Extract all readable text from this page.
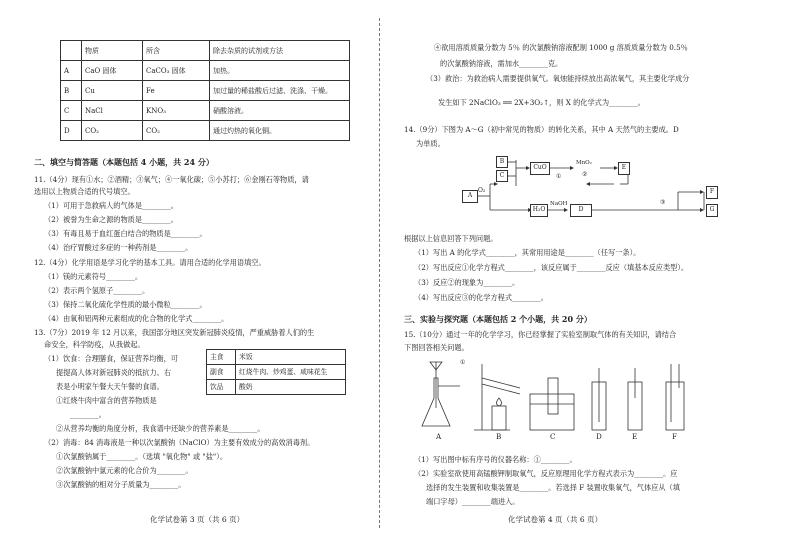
	物质	所含	除去杂质的试剂或方法
A	CaO 固体	CaCO₃ 固体	加热。
B	Cu	Fe	加过量的稀盐酸后过滤、洗涤、干燥。
C	NaCl	KNO₃	硝酸溶液。
D	CO₂	CO₂	通过灼热的氧化铜。
二、填空与简答题（本题包括 4 小题，共 24 分）
11.（4分）现有①水；②酒精；③氧气；④一氧化碳；⑤小苏打；⑥金刚石等物质，请
选用以上物质合适的代号填空。
（1）可用于急救病人的气体是________。
（2）被誉为生命之源的物质是________。
（3）有毒且易于血红蛋白结合的物质是________。
（4）治疗胃酸过多症的一种药剂是________。
12.（4分）化学用语是学习化学的基本工具。请用合适的化学用语填空。
（1）镁的元素符号________。
（2）表示两个氢原子________。
（3）保持二氧化硫化学性质的最小微粒________。
（4）由氧和铝两种元素组成的化合物的化学式________。
13.（7分）2019 年 12 月以来，我国部分地区突发新冠肺炎疫情，严重威胁着人们的生
命安全，科学防疫，从我做起。
（1）饮食：合理膳食，保证营养均衡，可
提提高人体对新冠肺炎的抵抗力。右
表是小明家午餐大天午餐的食谱。
①红烧牛肉中富含的营养物质是
________。
②从营养均衡的角度分析，我食谱中还缺少的营养素是________。
（2）消毒：84 消毒液是一种以次氯酸钠（NaClO）为主要有效成分的高效消毒剂。
①次氯酸钠属于________。（选填 "氧化物" 或 "盐"）。
②次氯酸钠中氯元素的化合价为________。
③次氯酸钠的相对分子质量为________。
主食	米饭
副食	红烧牛肉、炒鸡蛋、咸味花生
饮品	酸奶
化学试卷第 3 页（共 6 页）	化学试卷第 4 页（共 6 页）
④欲用溶质质量分数为 5％ 的次氯酸钠溶液配制 1000 g 溶质质量分数为 0.5％
的次氯酸钠溶液，需加水________克。
（3）救治：为救治病人需要提供氧气。氧烛能持续放出高浓氧气，其主要化学成分
发生如下 2NaClO₃ ══ 2X+3O₂↑，则 X 的化学式为________。
14.（9分）下图为 A～G（初中常见的物质）的转化关系，其中 A 天然气的主要成。D
为单质。
A
O₂
B
C
CuO
MnO₂
①	②
E
H₂O
NaOH
D
③
F
G
根据以上信息回答下列问题。
（1）写出 A 的化学式________，其常用用途是________（任写一条）。
（2）写出反应①化学方程式________，该反应属于________反应（填基本反应类型）。
（3）反应②的现象为________。
（4）写出反应③的化学方程式________。
三、实验与探究题（本题包括 2 个小题，共 20 分）
15.（10分）通过一年的化学学习，你已经掌握了实验室制取气体的有关知识，请结合
下图回答相关问题。
①
A	B	C	D	E	F
（1）写出图中标有序号的仪器名称：①________。
（2）实验室欲使用高锰酸钾制取氧气，反应原理用化学方程式表示为________。应
选择的发生装置和收集装置是________。若选择 F 装置收集氧气，气体应从（填
端口字母）________端进入。
